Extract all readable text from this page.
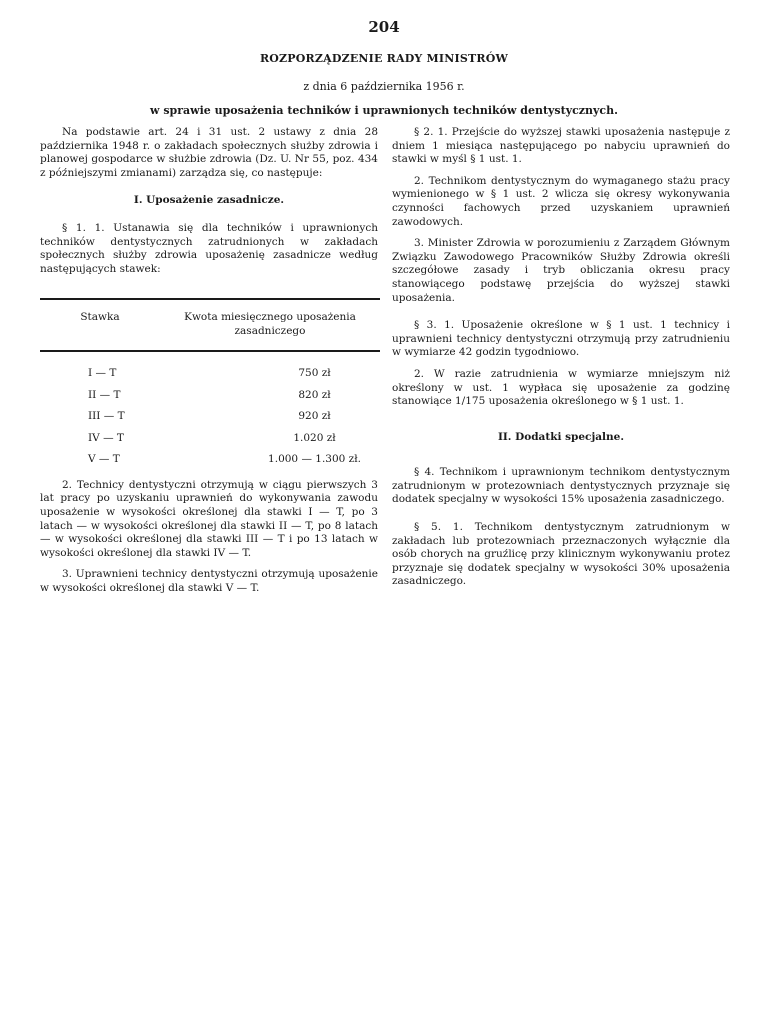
204
ROZPORZĄDZENIE RADY MINISTRÓW
z dnia 6 października 1956 r.
w sprawie uposażenia techników i uprawnionych techników dentystycznych.

Na podstawie art. 24 i 31 ust. 2 ustawy z dnia 28 października 1948 r. o zakładach społecznych służby zdrowia i planowej gospodarce w służbie zdrowia (Dz. U. Nr 55, poz. 434 z późniejszymi zmianami) zarządza się, co następuje:

I. Uposażenie zasadnicze.

§ 1. 1. Ustanawia się dla techników i uprawnionych techników dentystycznych zatrudnionych w zakładach społecznych służby zdrowia uposażenię zasadnicze według następujących stawek:

Stawka	Kwota miesięcznego uposażenia zasadniczego
I — T	750 zł
II — T	820 zł
III — T	920 zł
IV — T	1.020 zł
V — T	1.000 — 1.300 zł.

2. Technicy dentystyczni otrzymują w ciągu pierwszych 3 lat pracy po uzyskaniu uprawnień do wykonywania zawodu uposażenie w wysokości określonej dla stawki I — T, po 3 latach — w wysokości określonej dla stawki II — T, po 8 latach — w wysokości określonej dla stawki III — T i po 13 latach w wysokości określonej dla stawki IV — T.

3. Uprawnieni technicy dentystyczni otrzymują uposażenie w wysokości określonej dla stawki V — T.

§ 2. 1. Przejście do wyższej stawki uposażenia następuje z dniem 1 miesiąca następującego po nabyciu uprawnień do stawki w myśl § 1 ust. 1.

2. Technikom dentystycznym do wymaganego stażu pracy wymienionego w § 1 ust. 2 wlicza się okresy wykonywania czynności fachowych przed uzyskaniem uprawnień zawodowych.

3. Minister Zdrowia w porozumieniu z Zarządem Głównym Związku Zawodowego Pracowników Służby Zdrowia określi szczegółowe zasady i tryb obliczania okresu pracy stanowiącego podstawę przejścia do wyższej stawki uposażenia.

§ 3. 1. Uposażenie określone w § 1 ust. 1 technicy i uprawnieni technicy dentystyczni otrzymują przy zatrudnieniu w wymiarze 42 godzin tygodniowo.

2. W razie zatrudnienia w wymiarze mniejszym niż określony w ust. 1 wypłaca się uposażenie za godzinę stanowiące 1/175 uposażenia określonego w § 1 ust. 1.

II. Dodatki specjalne.

§ 4. Technikom i uprawnionym technikom dentystycznym zatrudnionym w protezowniach dentystycznych przyznaje się dodatek specjalny w wysokości 15% uposażenia zasadniczego.

§ 5. 1. Technikom dentystycznym zatrudnionym w zakładach lub protezowniach przeznaczonych wyłącznie dla osób chorych na gruźlicę przy klinicznym wykonywaniu protez przyznaje się dodatek specjalny w wysokości 30% uposażenia zasadniczego.
